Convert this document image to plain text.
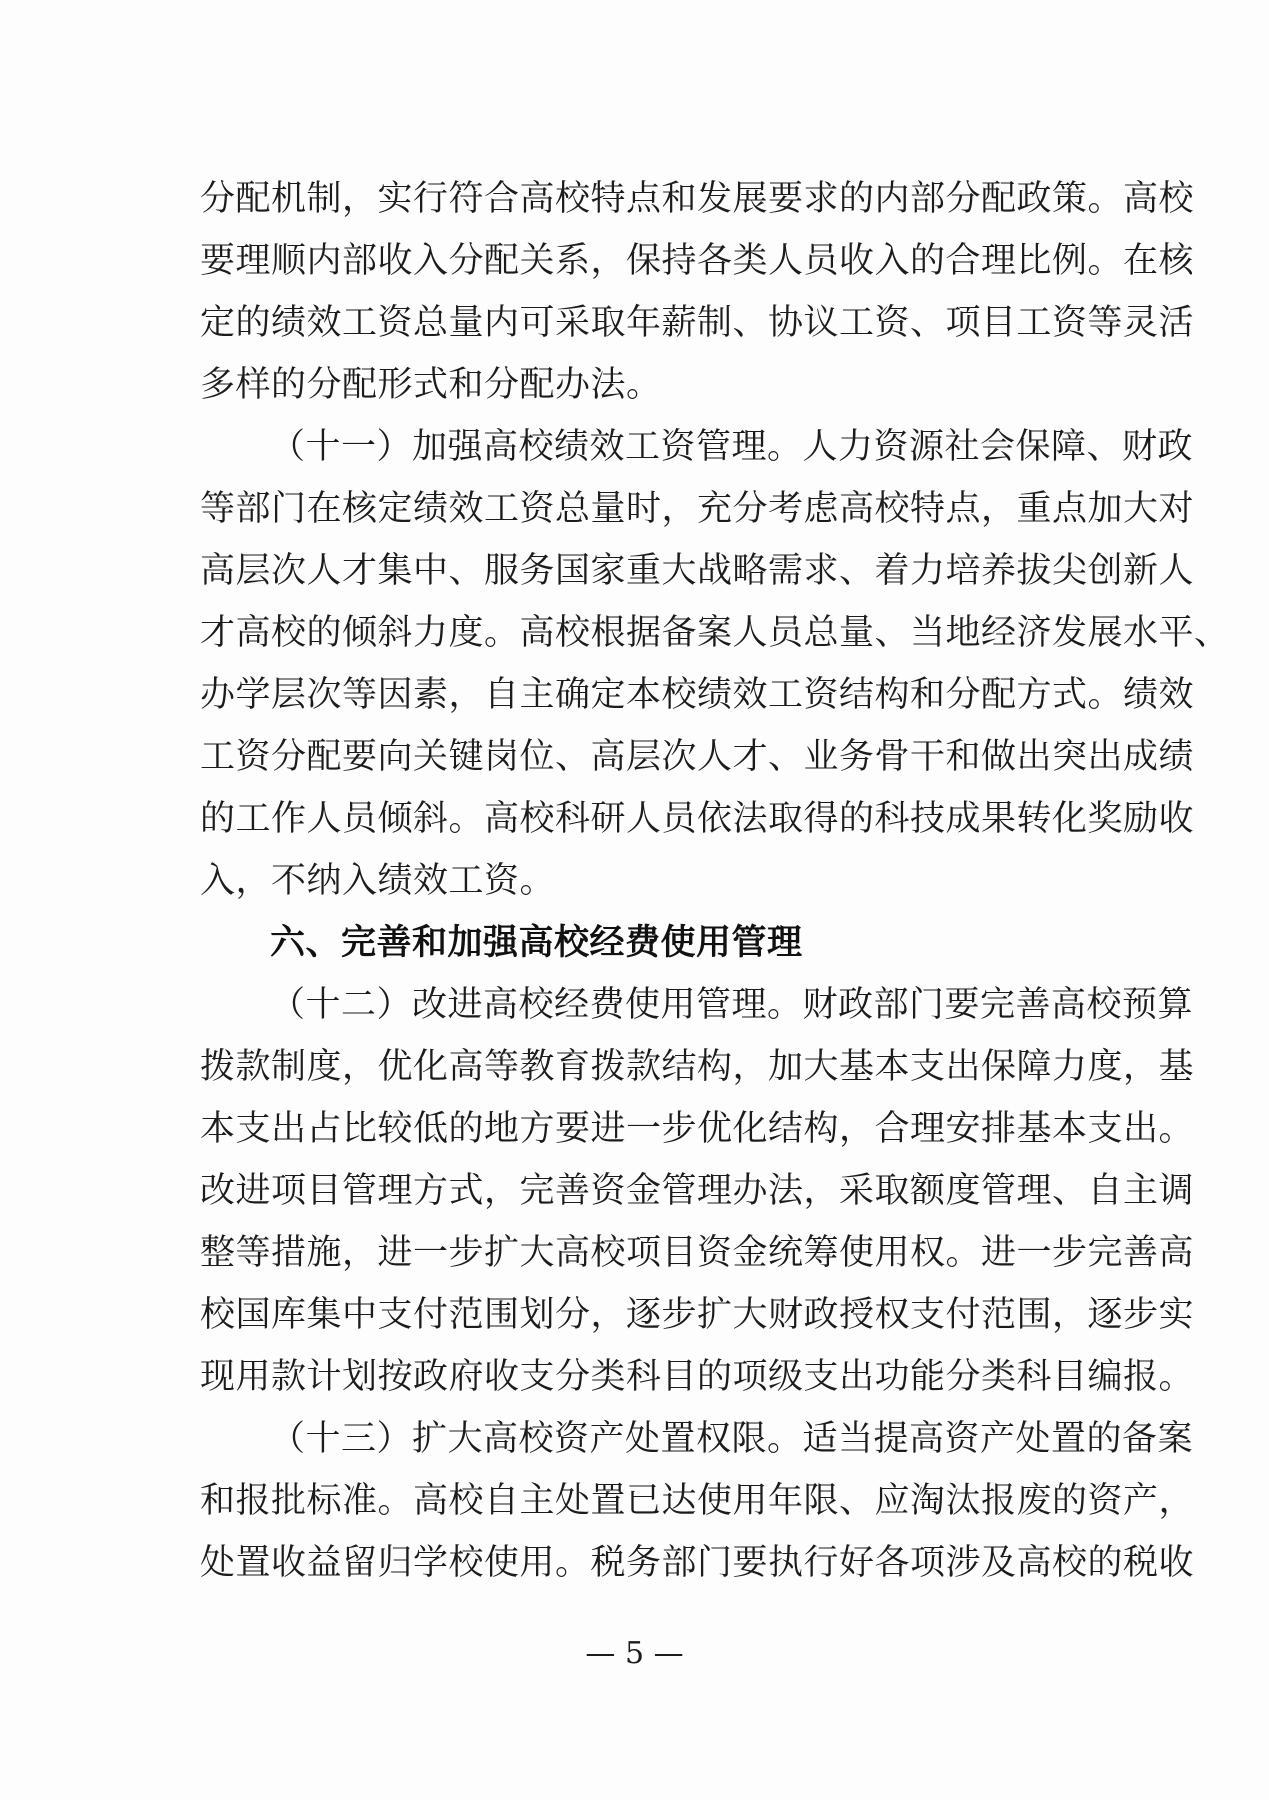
分配机制，实行符合高校特点和发展要求的内部分配政策。高校
要理顺内部收入分配关系，保持各类人员收入的合理比例。在核
定的绩效工资总量内可采取年薪制、协议工资、项目工资等灵活
多样的分配形式和分配办法。
（十一）加强高校绩效工资管理。人力资源社会保障、财政
等部门在核定绩效工资总量时，充分考虑高校特点，重点加大对
高层次人才集中、服务国家重大战略需求、着力培养拔尖创新人
才高校的倾斜力度。高校根据备案人员总量、当地经济发展水平、
办学层次等因素，自主确定本校绩效工资结构和分配方式。绩效
工资分配要向关键岗位、高层次人才、业务骨干和做出突出成绩
的工作人员倾斜。高校科研人员依法取得的科技成果转化奖励收
入，不纳入绩效工资。
六、完善和加强高校经费使用管理
（十二）改进高校经费使用管理。财政部门要完善高校预算
拨款制度，优化高等教育拨款结构，加大基本支出保障力度，基
本支出占比较低的地方要进一步优化结构，合理安排基本支出。
改进项目管理方式，完善资金管理办法，采取额度管理、自主调
整等措施，进一步扩大高校项目资金统筹使用权。进一步完善高
校国库集中支付范围划分，逐步扩大财政授权支付范围，逐步实
现用款计划按政府收支分类科目的项级支出功能分类科目编报。
（十三）扩大高校资产处置权限。适当提高资产处置的备案
和报批标准。高校自主处置已达使用年限、应淘汰报废的资产，
处置收益留归学校使用。税务部门要执行好各项涉及高校的税收
— 5 —
